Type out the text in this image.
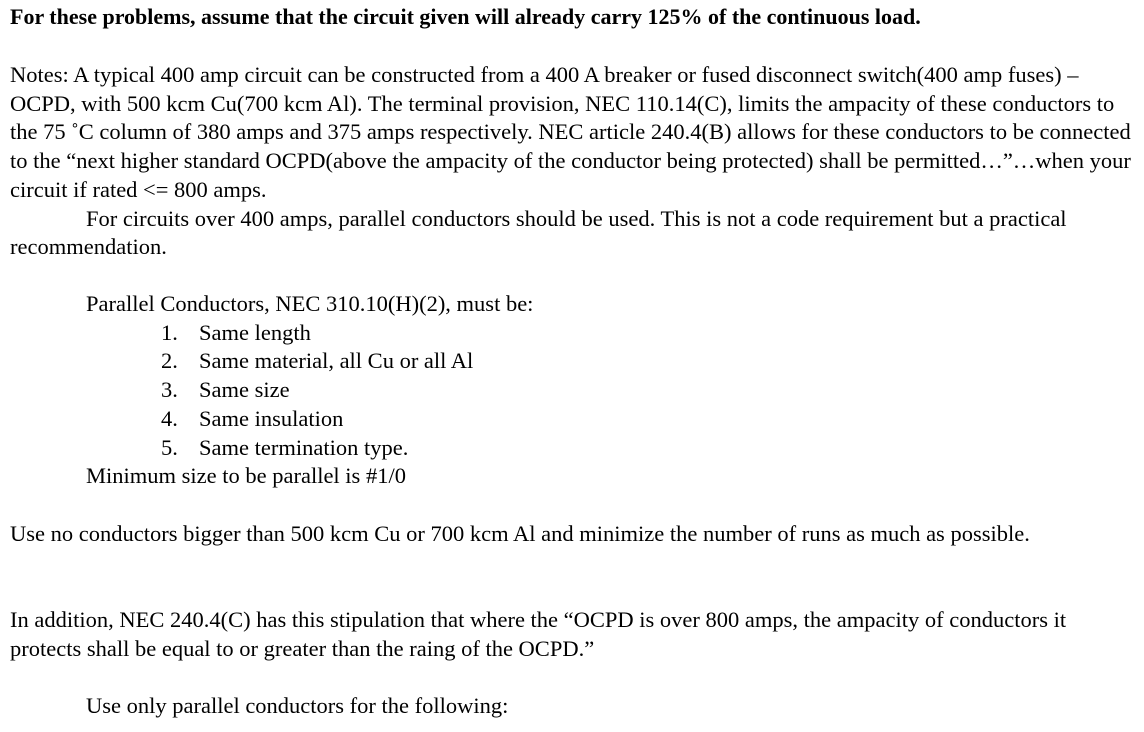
For these problems, assume that the circuit given will already carry 125% of the continuous load.

Notes: A typical 400 amp circuit can be constructed from a 400 A breaker or fused disconnect switch(400 amp fuses) – OCPD, with 500 kcm Cu(700 kcm Al). The terminal provision, NEC 110.14(C), limits the ampacity of these conductors to the 75 ˚C column of 380 amps and 375 amps respectively. NEC article 240.4(B) allows for these conductors to be connected to the “next higher standard OCPD(above the ampacity of the conductor being protected) shall be permitted…”…when your circuit if rated <= 800 amps.

For circuits over 400 amps, parallel conductors should be used. This is not a code requirement but a practical recommendation.

Parallel Conductors, NEC 310.10(H)(2), must be:
1. Same length
2. Same material, all Cu or all Al
3. Same size
4. Same insulation
5. Same termination type.
Minimum size to be parallel is #1/0

Use no conductors bigger than 500 kcm Cu or 700 kcm Al and minimize the number of runs as much as possible.

In addition, NEC 240.4(C) has this stipulation that where the “OCPD is over 800 amps, the ampacity of conductors it protects shall be equal to or greater than the raing of the OCPD.”

Use only parallel conductors for the following:
